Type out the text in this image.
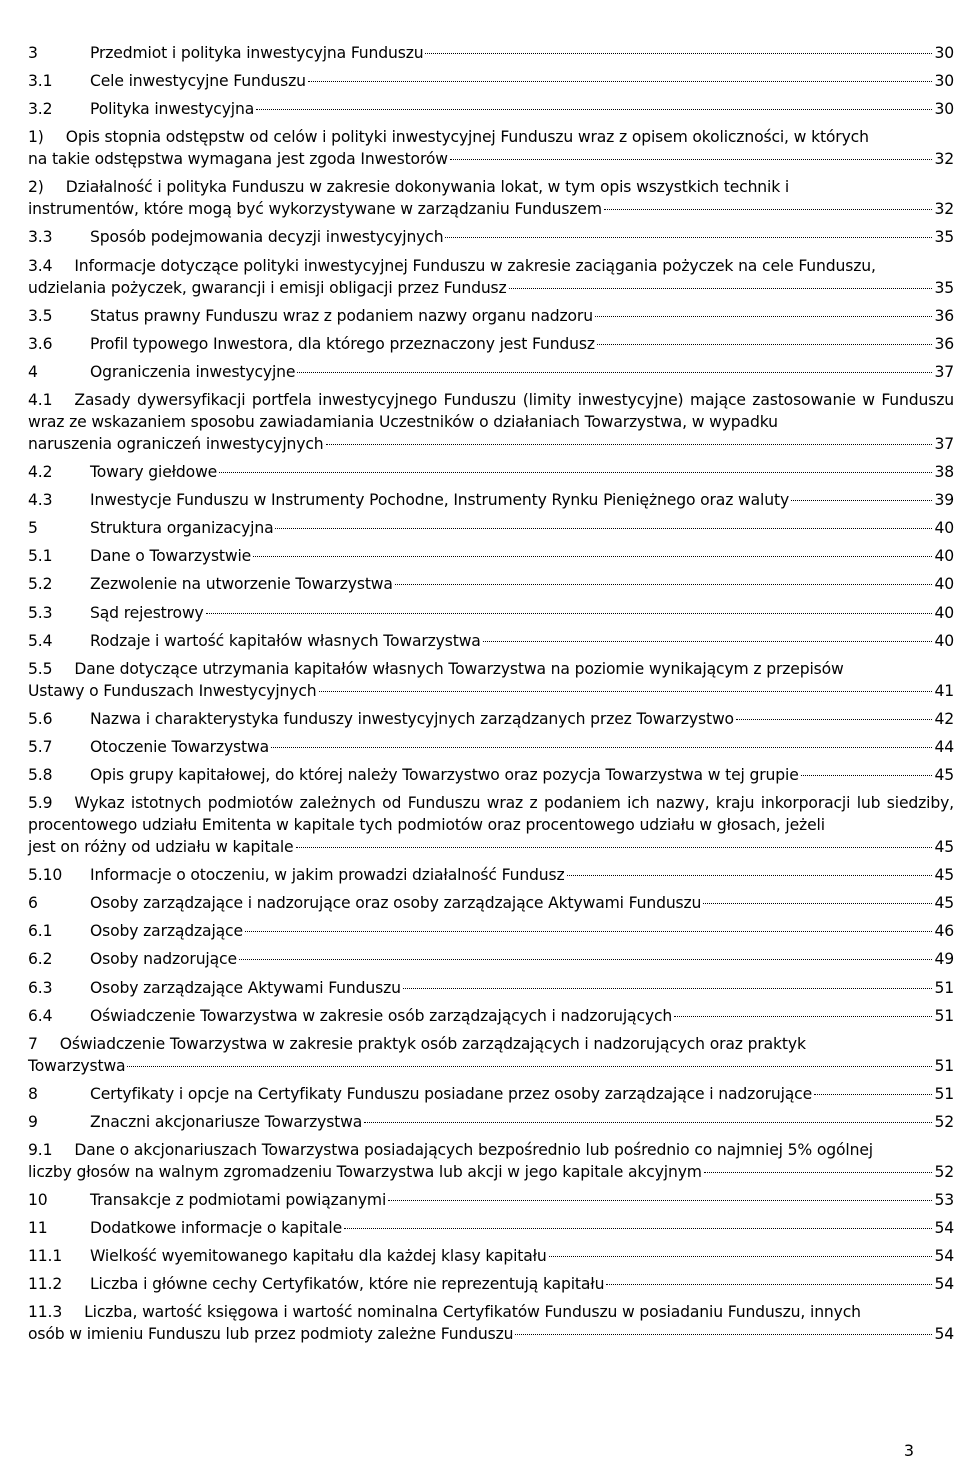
3	Przedmiot i polityka inwestycyjna Funduszu	30
3.1	Cele inwestycyjne Funduszu	30
3.2	Polityka inwestycyjna	30
1) Opis stopnia odstępstw od celów i polityki inwestycyjnej Funduszu wraz z opisem okoliczności, w których
na takie odstępstwa wymagana jest zgoda Inwestorów	32
2) Działalność i polityka Funduszu w zakresie dokonywania lokat, w tym opis wszystkich technik i
instrumentów, które mogą być wykorzystywane w zarządzaniu Funduszem	32
3.3	Sposób podejmowania decyzji inwestycyjnych	35
3.4 Informacje dotyczące polityki inwestycyjnej Funduszu w zakresie zaciągania pożyczek na cele Funduszu,
udzielania pożyczek, gwarancji i emisji obligacji przez Fundusz	35
3.5	Status prawny Funduszu wraz z podaniem nazwy organu nadzoru	36
3.6	Profil typowego Inwestora, dla którego przeznaczony jest Fundusz	36
4	Ograniczenia inwestycyjne	37
4.1 Zasady dywersyfikacji portfela inwestycyjnego Funduszu (limity inwestycyjne) mające zastosowanie w Funduszu wraz ze wskazaniem sposobu zawiadamiania Uczestników o działaniach Towarzystwa, w wypadku
naruszenia ograniczeń inwestycyjnych	37
4.2	Towary giełdowe	38
4.3	Inwestycje Funduszu w Instrumenty Pochodne, Instrumenty Rynku Pieniężnego oraz waluty	39
5	Struktura organizacyjna	40
5.1	Dane o Towarzystwie	40
5.2	Zezwolenie na utworzenie Towarzystwa	40
5.3	Sąd rejestrowy	40
5.4	Rodzaje i wartość kapitałów własnych Towarzystwa	40
5.5 Dane dotyczące utrzymania kapitałów własnych Towarzystwa na poziomie wynikającym z przepisów
Ustawy o Funduszach Inwestycyjnych	41
5.6	Nazwa i charakterystyka funduszy inwestycyjnych zarządzanych przez Towarzystwo	42
5.7	Otoczenie Towarzystwa	44
5.8	Opis grupy kapitałowej, do której należy Towarzystwo oraz pozycja Towarzystwa w tej grupie	45
5.9 Wykaz istotnych podmiotów zależnych od Funduszu wraz z podaniem ich nazwy, kraju inkorporacji lub siedziby, procentowego udziału Emitenta w kapitale tych podmiotów oraz procentowego udziału w głosach, jeżeli
jest on różny od udziału w kapitale	45
5.10	Informacje o otoczeniu, w jakim prowadzi działalność Fundusz	45
6	Osoby zarządzające i nadzorujące oraz osoby zarządzające Aktywami Funduszu	45
6.1	Osoby zarządzające	46
6.2	Osoby nadzorujące	49
6.3	Osoby zarządzające Aktywami Funduszu	51
6.4	Oświadczenie Towarzystwa w zakresie osób zarządzających i nadzorujących	51
7 Oświadczenie Towarzystwa w zakresie praktyk osób zarządzających i nadzorujących oraz praktyk
Towarzystwa	51
8	Certyfikaty i opcje na Certyfikaty Funduszu posiadane przez osoby zarządzające i nadzorujące	51
9	Znaczni akcjonariusze Towarzystwa	52
9.1 Dane o akcjonariuszach Towarzystwa posiadających bezpośrednio lub pośrednio co najmniej 5% ogólnej
liczby głosów na walnym zgromadzeniu Towarzystwa lub akcji w jego kapitale akcyjnym	52
10	Transakcje z podmiotami powiązanymi	53
11	Dodatkowe informacje o kapitale	54
11.1	Wielkość wyemitowanego kapitału dla każdej klasy kapitału	54
11.2	Liczba i główne cechy Certyfikatów, które nie reprezentują kapitału	54
11.3 Liczba, wartość księgowa i wartość nominalna Certyfikatów Funduszu w posiadaniu Funduszu, innych
osób w imieniu Funduszu lub przez podmioty zależne Funduszu	54
3
